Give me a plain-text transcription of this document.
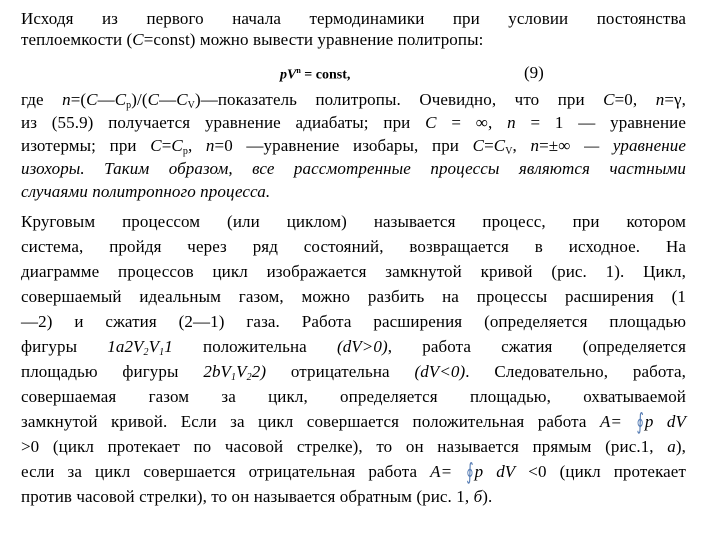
Исходя из первого начала термодинамики при условии постоянства
теплоемкости (C=const) можно вывести уравнение политропы:
$pV^n$ = const,	(9)
где $n=(C—C_p)/(C—C_V)—показатель$ политропы. Очевидно, что при C=0, n=γ,
из (55.9) получается уравнение адиабаты; при C = ∞, n = 1 — уравнение
изотермы; при $C=C_p$, n=0 —уравнение изобары, при $C=C_V$, n=±∞ — уравнение
изохоры. Таким образом, все рассмотренные процессы являются частными
случаями политропного процесса.
Круговым процессом (или циклом) называется процесс, при котором
система, пройдя через ряд состояний, возвращается в исходное. На
диаграмме процессов цикл изображается замкнутой кривой (рис. 1). Цикл,
совершаемый идеальным газом, можно разбить на процессы расширения (1
—2) и сжатия (2—1) газа. Работа расширения (определяется площадью
фигуры $1a2V_2V_11$ положительна (dV>0), работа сжатия (определяется
площадью фигуры $2bV_1V_22$) отрицательна (dV<0). Следовательно, работа,
совершаемая газом за цикл, определяется площадью, охватываемой
замкнутой кривой. Если за цикл совершается положительная работа A= ∮p dV
>0 (цикл протекает по часовой стрелке), то он называется прямым (рис.1, а),
если за цикл совершается отрицательная работа A= ∮p dV <0 (цикл протекает
против часовой стрелки), то он называется обратным (рис. 1, б).
